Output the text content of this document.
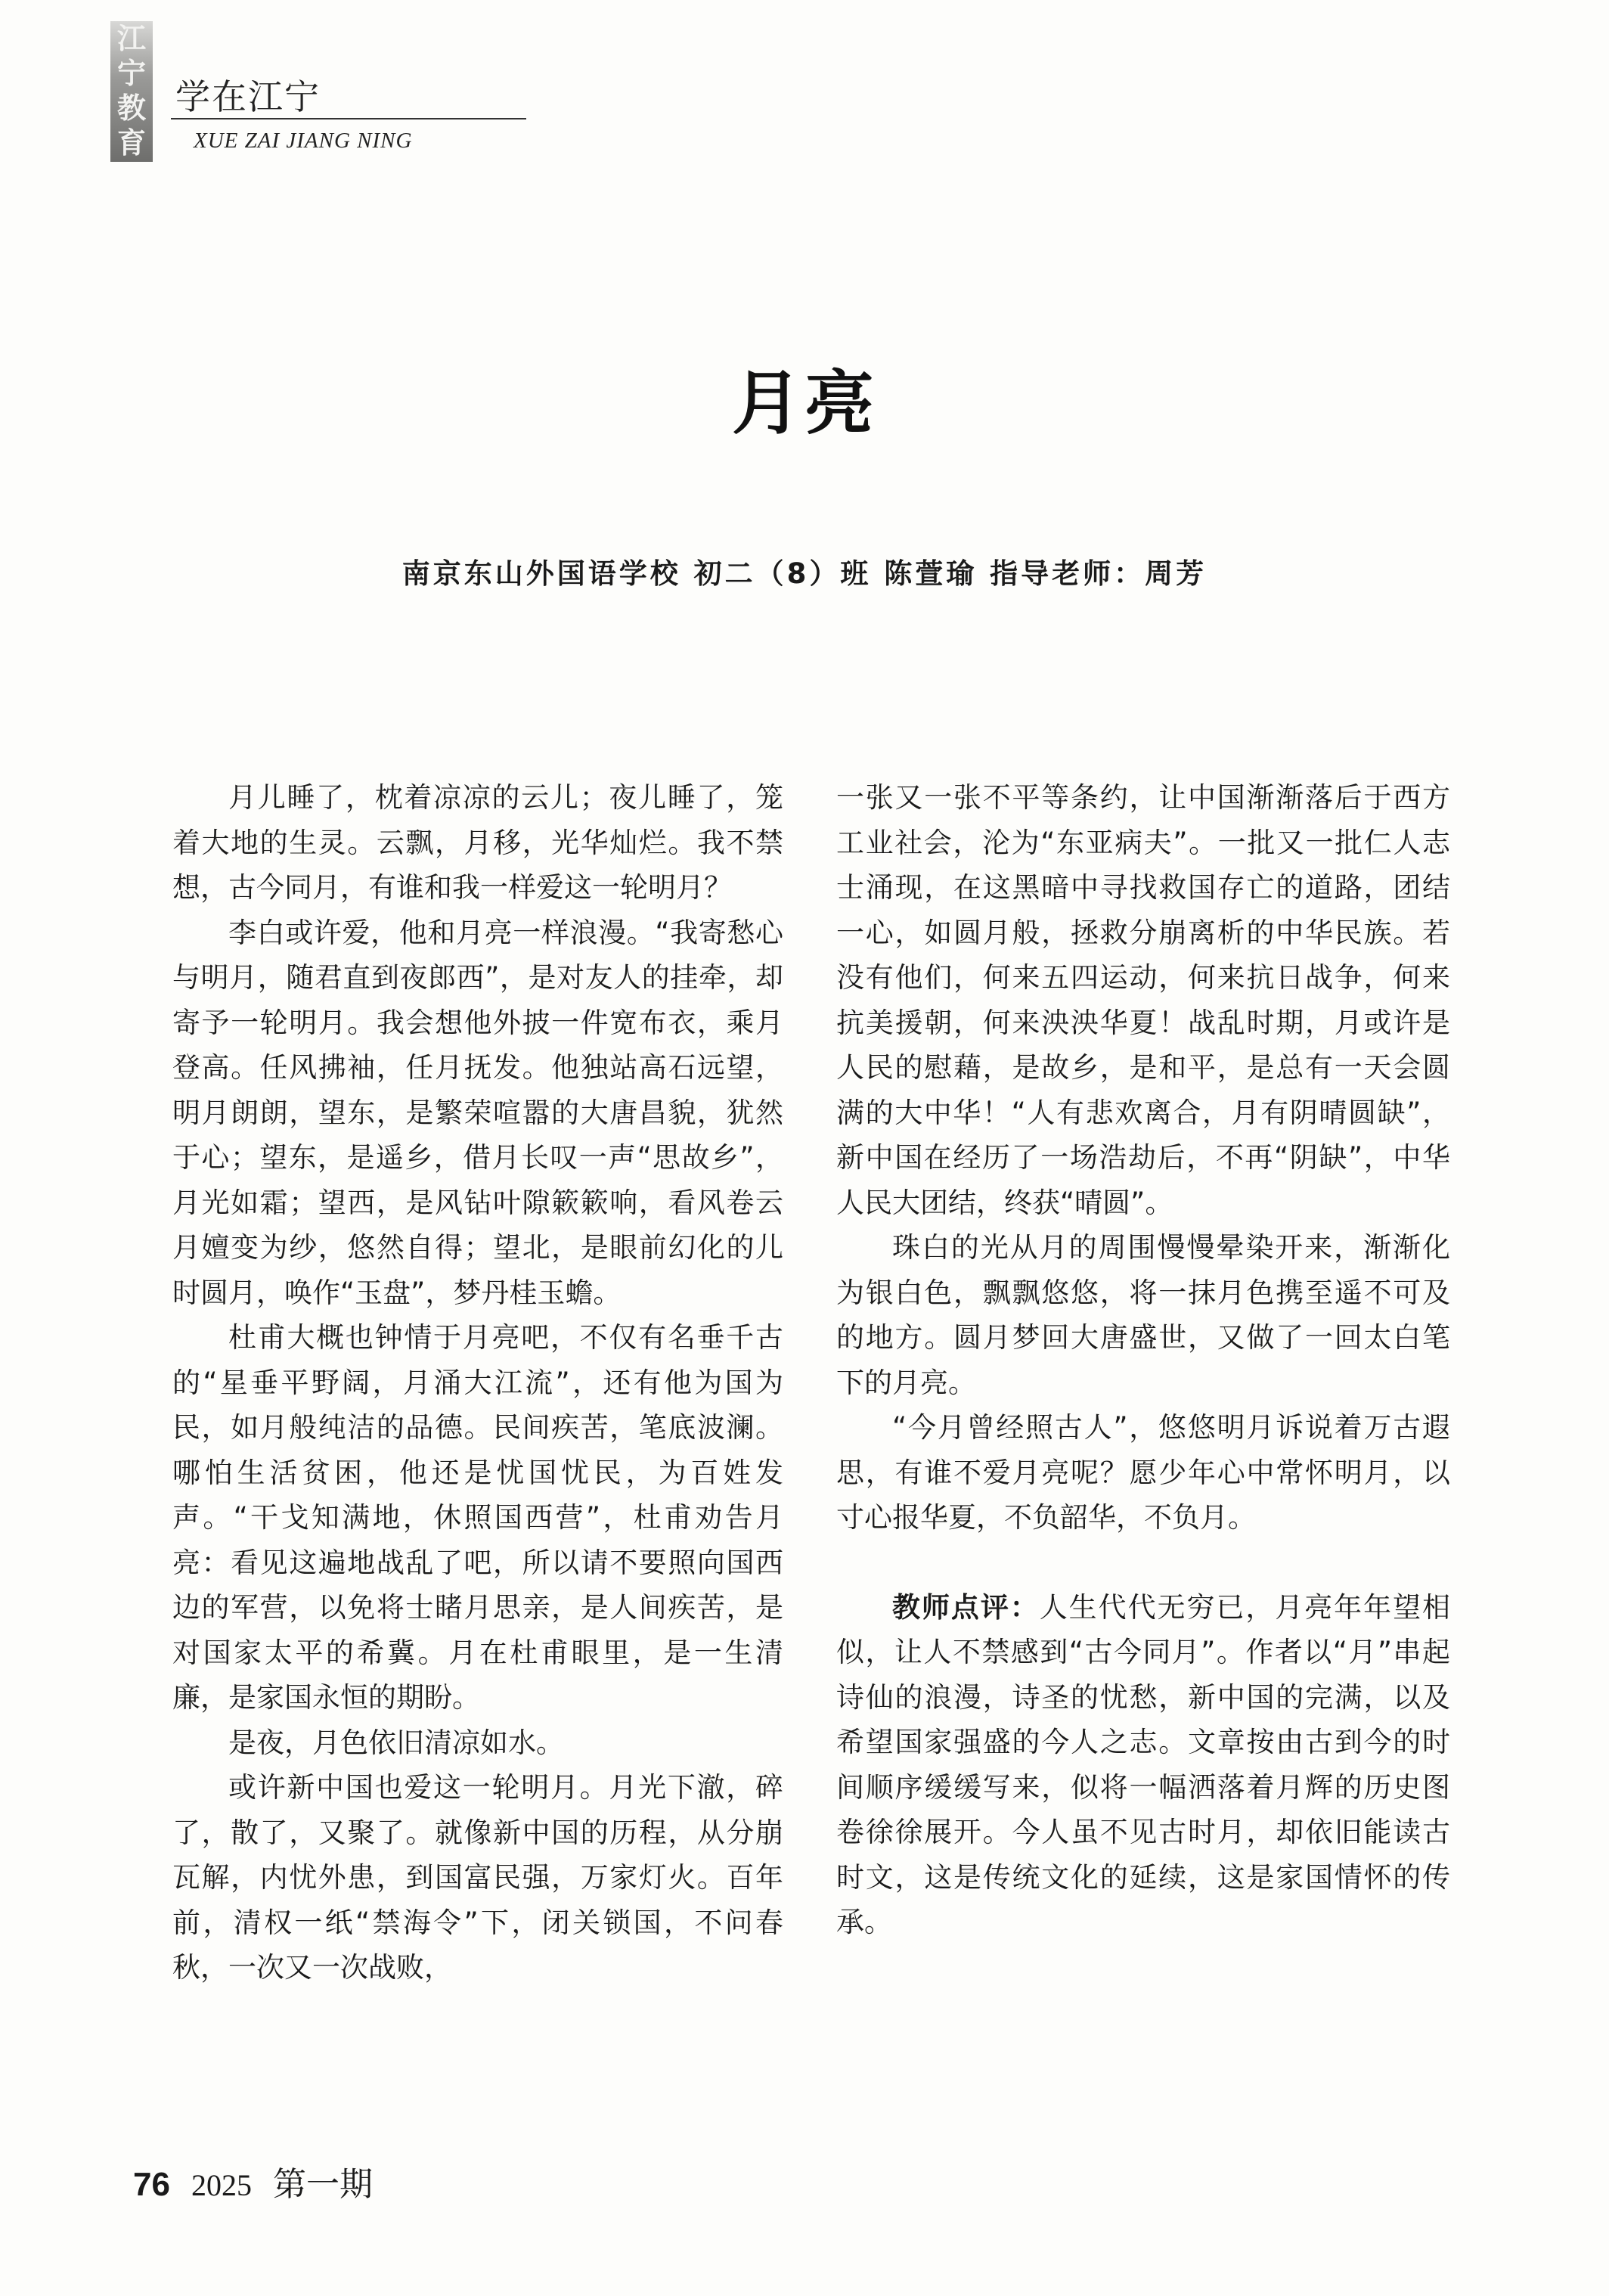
江
宁
教
育
学在江宁
XUE ZAI JIANG NING
月亮
南京东山外国语学校 初二（8）班 陈萱瑜 指导老师：周芳

月儿睡了，枕着凉凉的云儿；夜儿睡了，笼着大地的生灵。云飘，月移，光华灿烂。我不禁想，古今同月，有谁和我一样爱这一轮明月？

李白或许爱，他和月亮一样浪漫。“我寄愁心与明月，随君直到夜郎西”，是对友人的挂牵，却寄予一轮明月。我会想他外披一件宽布衣，乘月登高。任风拂袖，任月抚发。他独站高石远望，明月朗朗，望东，是繁荣喧嚣的大唐昌貌，犹然于心；望东，是遥乡，借月长叹一声“思故乡”，月光如霜；望西，是风钻叶隙簌簌响，看风卷云月嬗变为纱，悠然自得；望北，是眼前幻化的儿时圆月，唤作“玉盘”，梦丹桂玉蟾。

杜甫大概也钟情于月亮吧，不仅有名垂千古的“星垂平野阔，月涌大江流”，还有他为国为民，如月般纯洁的品德。民间疾苦，笔底波澜。哪怕生活贫困，他还是忧国忧民，为百姓发声。“干戈知满地，休照国西营”，杜甫劝告月亮：看见这遍地战乱了吧，所以请不要照向国西边的军营，以免将士睹月思亲，是人间疾苦，是对国家太平的希冀。月在杜甫眼里，是一生清廉，是家国永恒的期盼。

是夜，月色依旧清凉如水。

或许新中国也爱这一轮明月。月光下澈，碎了，散了，又聚了。就像新中国的历程，从分崩瓦解，内忧外患，到国富民强，万家灯火。百年前，清权一纸“禁海令”下，闭关锁国，不问春秋，一次又一次战败，

一张又一张不平等条约，让中国渐渐落后于西方工业社会，沦为“东亚病夫”。一批又一批仁人志士涌现，在这黑暗中寻找救国存亡的道路，团结一心，如圆月般，拯救分崩离析的中华民族。若没有他们，何来五四运动，何来抗日战争，何来抗美援朝，何来泱泱华夏！战乱时期，月或许是人民的慰藉，是故乡，是和平，是总有一天会圆满的大中华！“人有悲欢离合，月有阴晴圆缺”，新中国在经历了一场浩劫后，不再“阴缺”，中华人民大团结，终获“晴圆”。

珠白的光从月的周围慢慢晕染开来，渐渐化为银白色，飘飘悠悠，将一抹月色携至遥不可及的地方。圆月梦回大唐盛世，又做了一回太白笔下的月亮。

“今月曾经照古人”，悠悠明月诉说着万古遐思，有谁不爱月亮呢？愿少年心中常怀明月，以寸心报华夏，不负韶华，不负月。

教师点评：人生代代无穷已，月亮年年望相似，让人不禁感到“古今同月”。作者以“月”串起诗仙的浪漫，诗圣的忧愁，新中国的完满，以及希望国家强盛的今人之志。文章按由古到今的时间顺序缓缓写来，似将一幅洒落着月辉的历史图卷徐徐展开。今人虽不见古时月，却依旧能读古时文，这是传统文化的延续，这是家国情怀的传承。

76 2025 第一期
